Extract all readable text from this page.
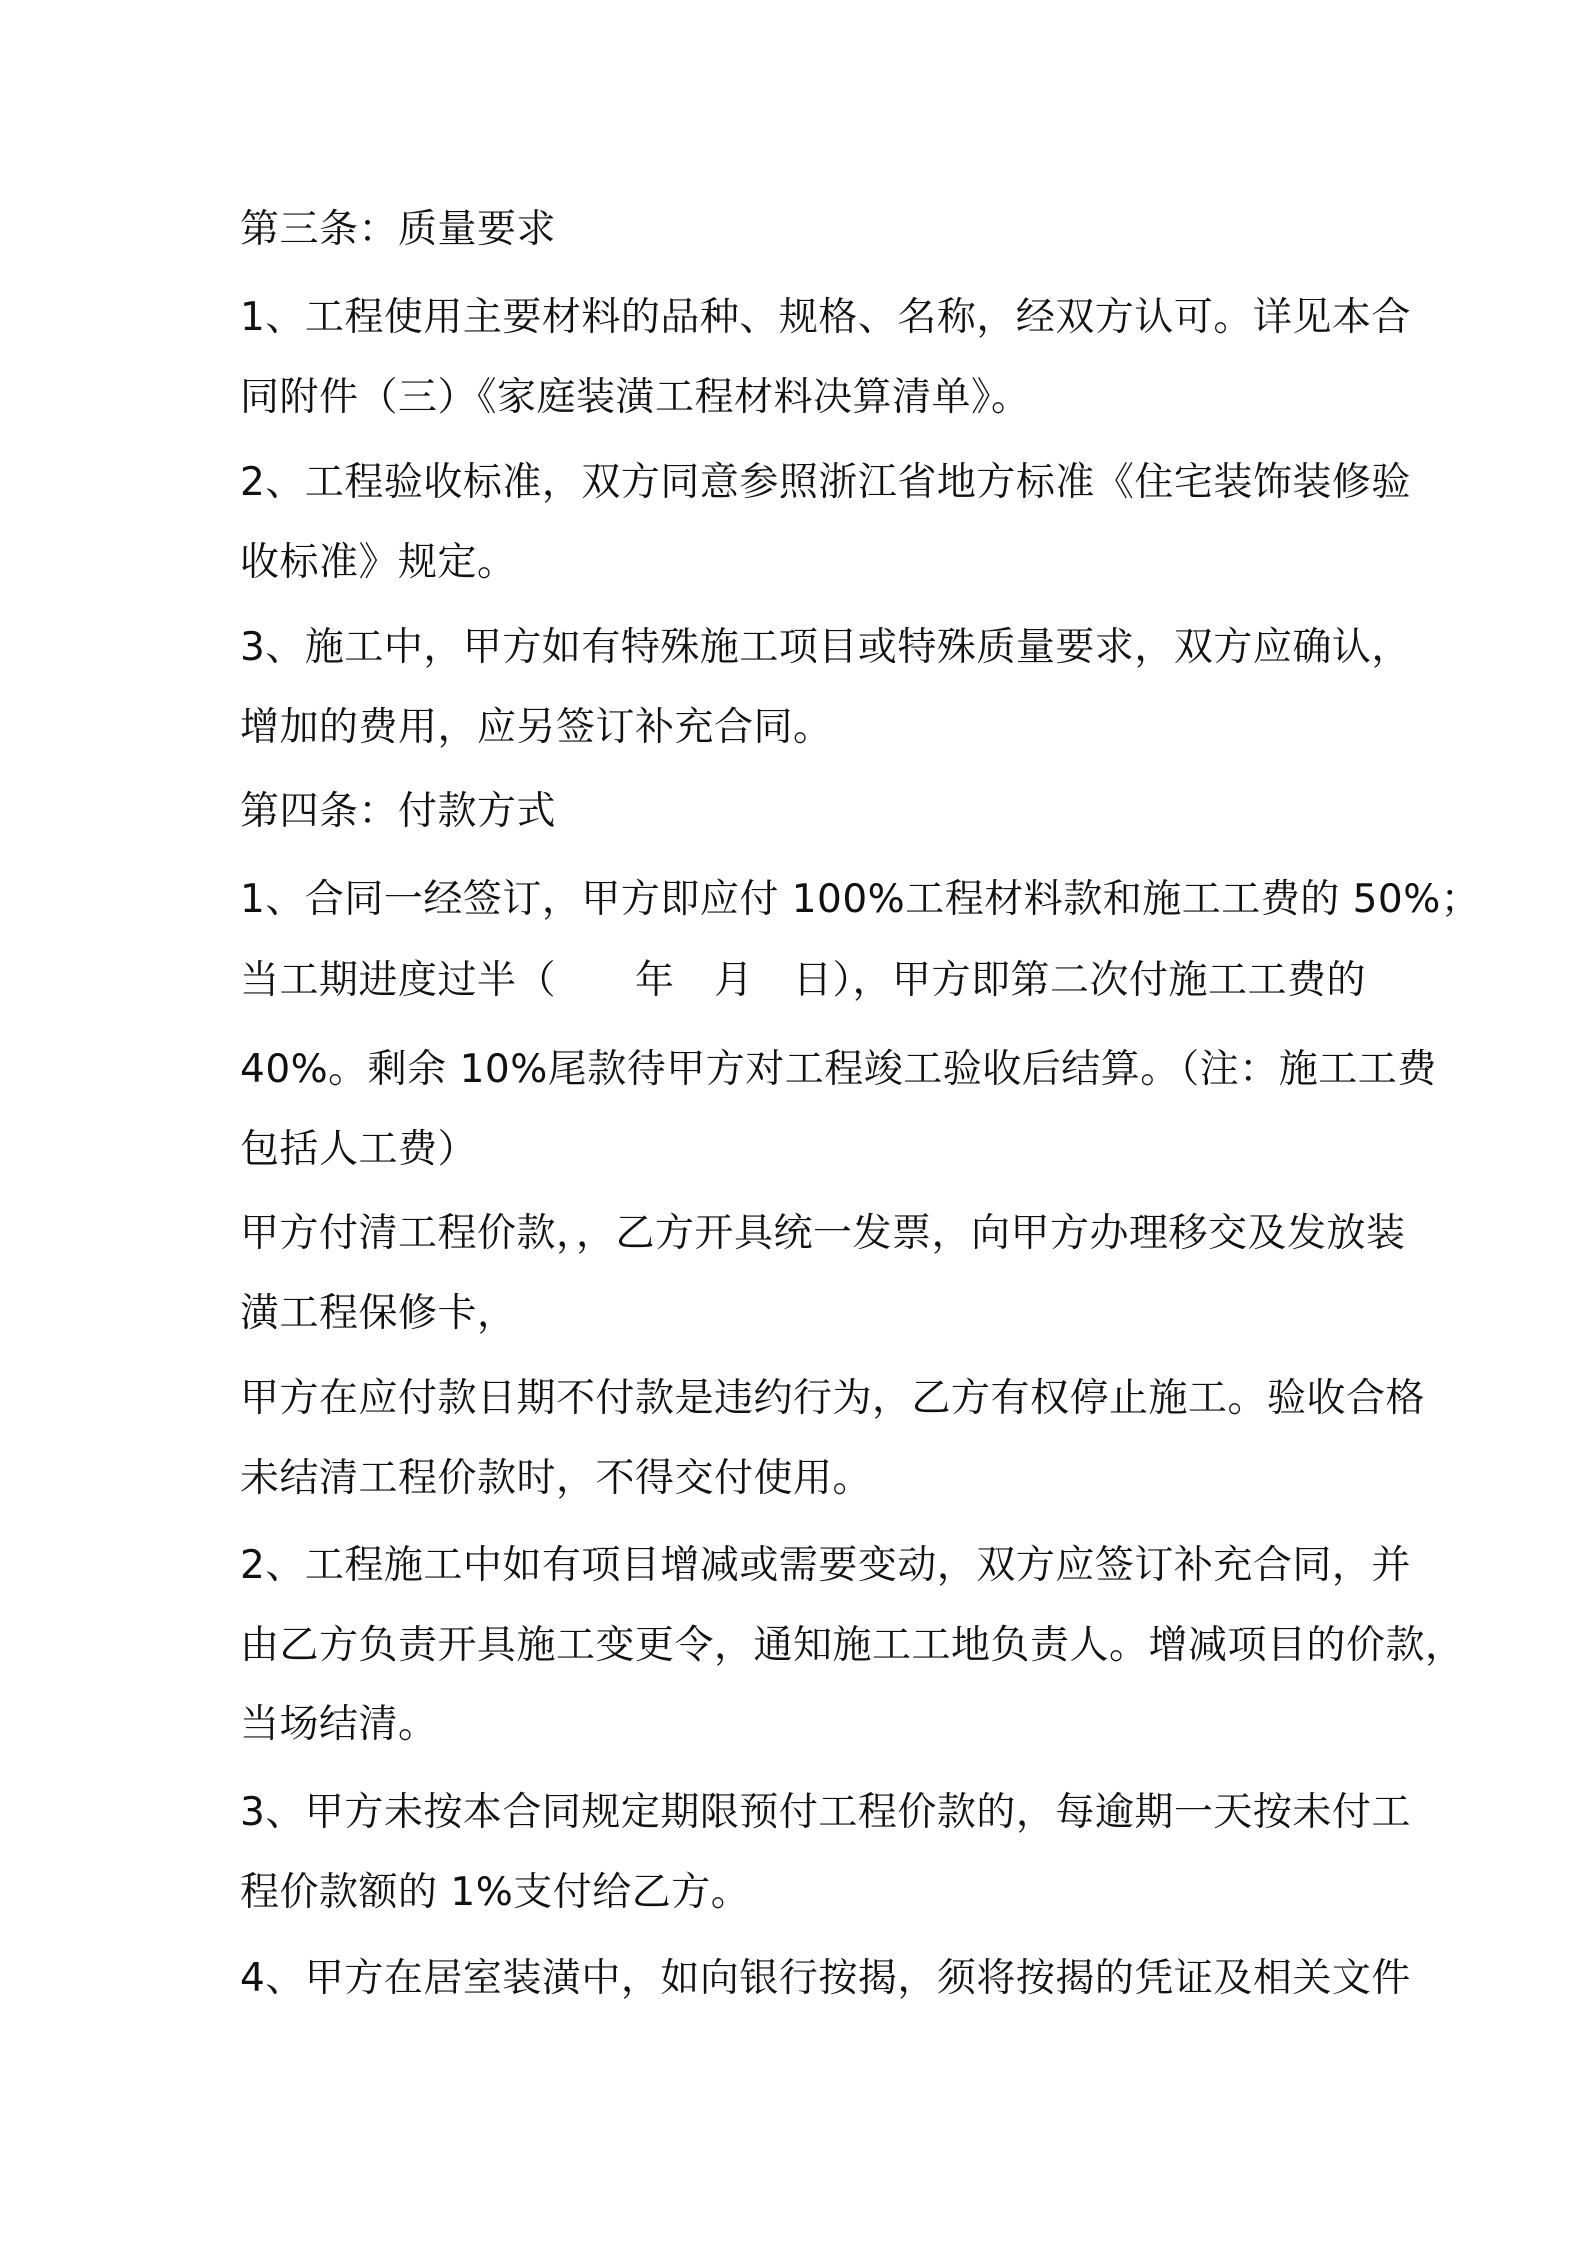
第三条：质量要求
1、工程使用主要材料的品种、规格、名称，经双方认可。详见本合
同附件（三）《家庭装潢工程材料决算清单》。
2、工程验收标准，双方同意参照浙江省地方标准《住宅装饰装修验
收标准》规定。
3、施工中，甲方如有特殊施工项目或特殊质量要求，双方应确认，
增加的费用，应另签订补充合同。
第四条：付款方式
1、合同一经签订，甲方即应付 100%工程材料款和施工工费的 50%；
当工期进度过半（　　年　月　日），甲方即第二次付施工工费的
40%。剩余 10%尾款待甲方对工程竣工验收后结算。（注：施工工费
包括人工费）
甲方付清工程价款，，乙方开具统一发票，向甲方办理移交及发放装
潢工程保修卡，
甲方在应付款日期不付款是违约行为，乙方有权停止施工。验收合格
未结清工程价款时，不得交付使用。
2、工程施工中如有项目增减或需要变动，双方应签订补充合同，并
由乙方负责开具施工变更令，通知施工工地负责人。增减项目的价款，
当场结清。
3、甲方未按本合同规定期限预付工程价款的，每逾期一天按未付工
程价款额的 1%支付给乙方。
4、甲方在居室装潢中，如向银行按揭，须将按揭的凭证及相关文件
